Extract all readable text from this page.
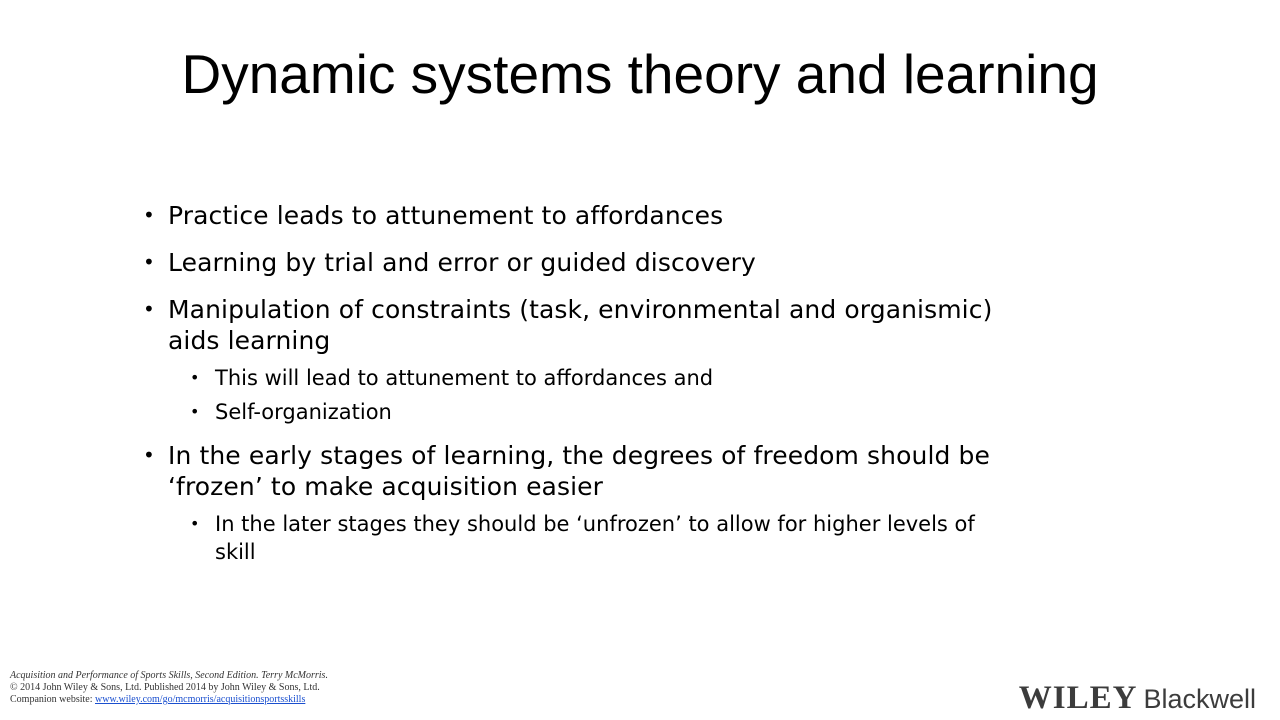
Dynamic systems theory and learning
• Practice leads to attunement to affordances
• Learning by trial and error or guided discovery
• Manipulation of constraints (task, environmental and organismic) aids learning
• This will lead to attunement to affordances and
• Self-organization
• In the early stages of learning, the degrees of freedom should be ‘frozen’ to make acquisition easier
• In the later stages they should be ‘unfrozen’ to allow for higher levels of skill
Acquisition and Performance of Sports Skills, Second Edition. Terry McMorris.
© 2014 John Wiley & Sons, Ltd. Published 2014 by John Wiley & Sons, Ltd.
Companion website: www.wiley.com/go/mcmorris/acquisitionsportsskills	WILEY Blackwell
